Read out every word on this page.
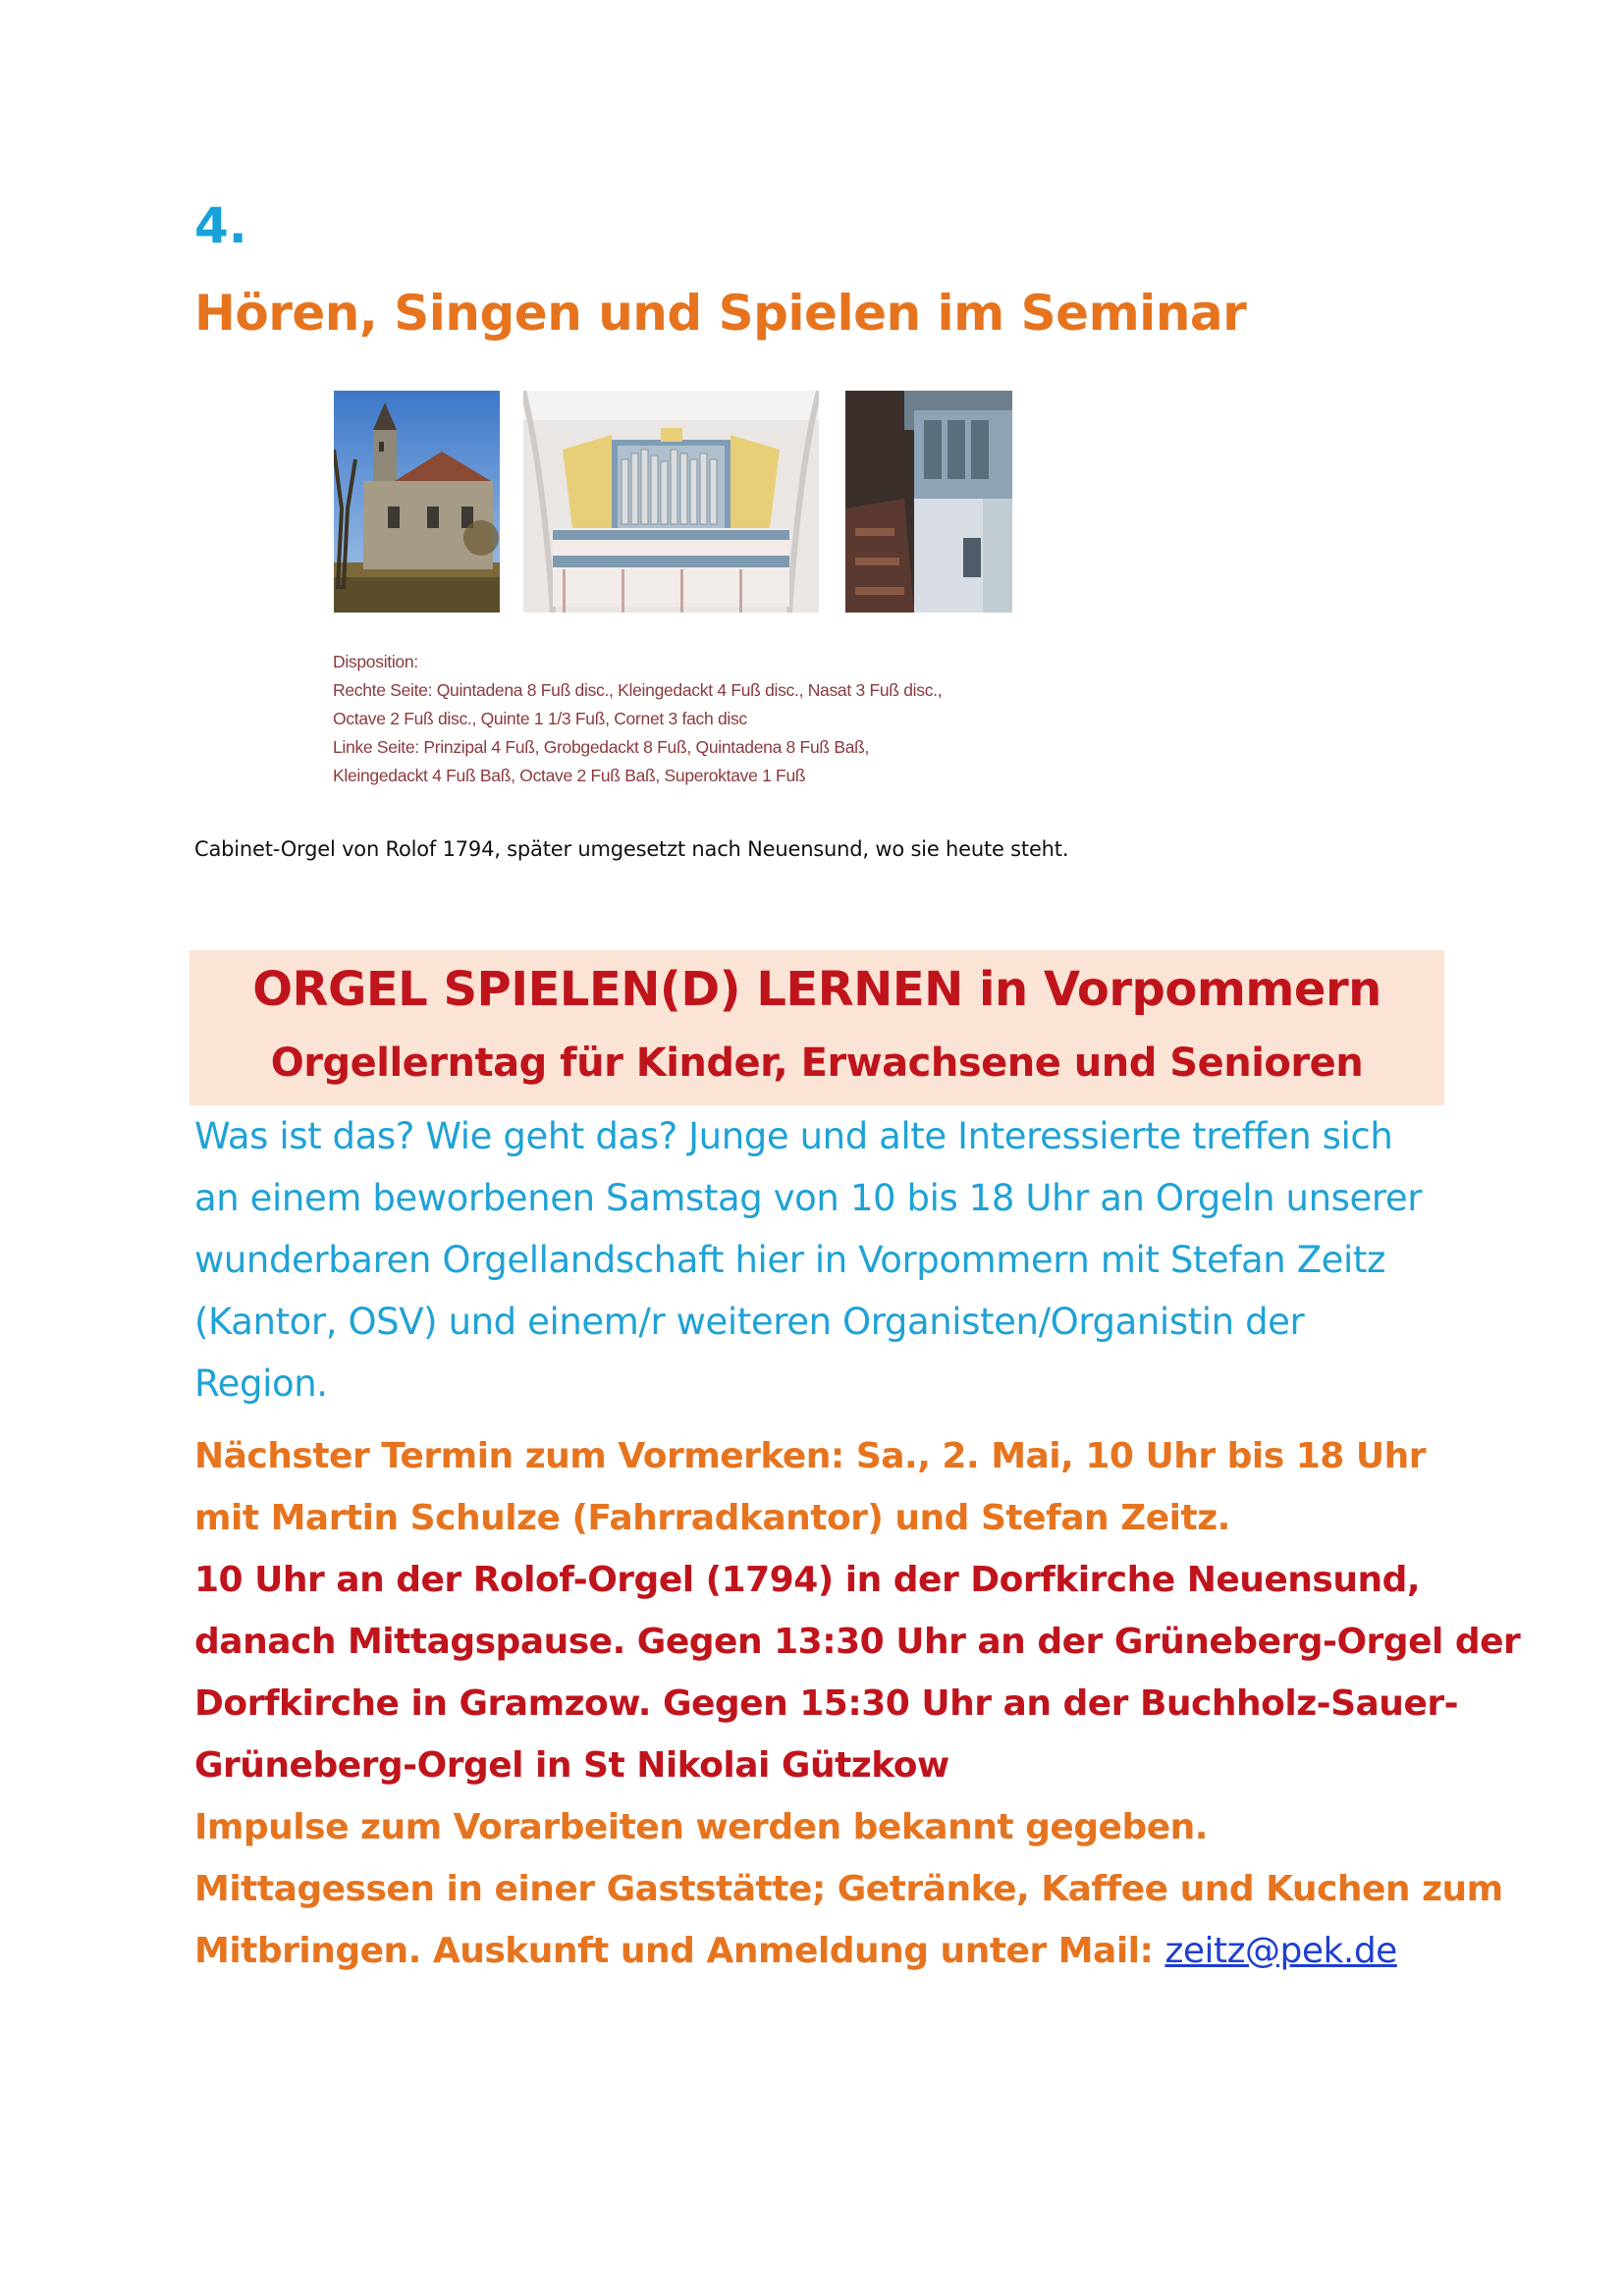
4.
Hören, Singen und Spielen im Seminar
Disposition:
Rechte Seite: Quintadena 8 Fuß disc., Kleingedackt 4 Fuß disc., Nasat 3 Fuß disc.,
Octave 2 Fuß disc., Quinte 1 1/3 Fuß, Cornet 3 fach disc
Linke Seite: Prinzipal 4 Fuß, Grobgedackt 8 Fuß, Quintadena 8 Fuß Baß,
Kleingedackt 4 Fuß Baß, Octave 2 Fuß Baß, Superoktave 1 Fuß
Cabinet-Orgel von Rolof 1794, später umgesetzt nach Neuensund, wo sie heute steht.
ORGEL SPIELEN(D) LERNEN in Vorpommern
Orgellerntag für Kinder, Erwachsene und Senioren
Was ist das? Wie geht das? Junge und alte Interessierte treffen sich
an einem beworbenen Samstag von 10 bis 18 Uhr an Orgeln unserer
wunderbaren Orgellandschaft hier in Vorpommern mit Stefan Zeitz
(Kantor, OSV) und einem/r weiteren Organisten/Organistin der
Region.
Nächster Termin zum Vormerken: Sa., 2. Mai, 10 Uhr bis 18 Uhr
mit Martin Schulze (Fahrradkantor) und Stefan Zeitz.
10 Uhr an der Rolof-Orgel (1794) in der Dorfkirche Neuensund,
danach Mittagspause. Gegen 13:30 Uhr an der Grüneberg-Orgel der
Dorfkirche in Gramzow. Gegen 15:30 Uhr an der Buchholz-Sauer-
Grüneberg-Orgel in St Nikolai Gützkow
Impulse zum Vorarbeiten werden bekannt gegeben.
Mittagessen in einer Gaststätte; Getränke, Kaffee und Kuchen zum
Mitbringen. Auskunft und Anmeldung unter Mail: zeitz@pek.de
